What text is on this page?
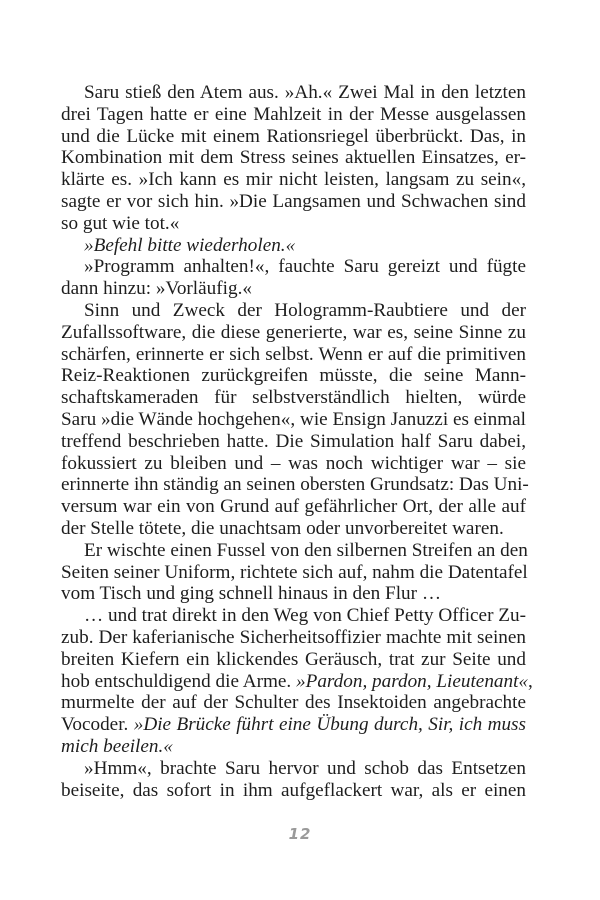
Saru stieß den Atem aus. »Ah.« Zwei Mal in den letzten
drei Tagen hatte er eine Mahlzeit in der Messe ausgelassen
und die Lücke mit einem Rationsriegel überbrückt. Das, in
Kombination mit dem Stress seines aktuellen Einsatzes, er-
klärte es. »Ich kann es mir nicht leisten, langsam zu sein«,
sagte er vor sich hin. »Die Langsamen und Schwachen sind
so gut wie tot.«
»Befehl bitte wiederholen.«
»Programm anhalten!«, fauchte Saru gereizt und fügte
dann hinzu: »Vorläufig.«
Sinn und Zweck der Hologramm-Raubtiere und der
Zufallssoftware, die diese generierte, war es, seine Sinne zu
schärfen, erinnerte er sich selbst. Wenn er auf die primitiven
Reiz-Reaktionen zurückgreifen müsste, die seine Mann-
schaftskameraden für selbstverständlich hielten, würde
Saru »die Wände hochgehen«, wie Ensign Januzzi es einmal
treffend beschrieben hatte. Die Simulation half Saru dabei,
fokussiert zu bleiben und – was noch wichtiger war – sie
erinnerte ihn ständig an seinen obersten Grundsatz: Das Uni-
versum war ein von Grund auf gefährlicher Ort, der alle auf
der Stelle tötete, die unachtsam oder unvorbereitet waren.
Er wischte einen Fussel von den silbernen Streifen an den
Seiten seiner Uniform, richtete sich auf, nahm die Datentafel
vom Tisch und ging schnell hinaus in den Flur …
… und trat direkt in den Weg von Chief Petty Officer Zu-
zub. Der kaferianische Sicherheitsoffizier machte mit seinen
breiten Kiefern ein klickendes Geräusch, trat zur Seite und
hob entschuldigend die Arme. »Pardon, pardon, Lieutenant«,
murmelte der auf der Schulter des Insektoiden angebrachte
Vocoder. »Die Brücke führt eine Übung durch, Sir, ich muss
mich beeilen.«
»Hmm«, brachte Saru hervor und schob das Entsetzen
beiseite, das sofort in ihm aufgeflackert war, als er einen
12
